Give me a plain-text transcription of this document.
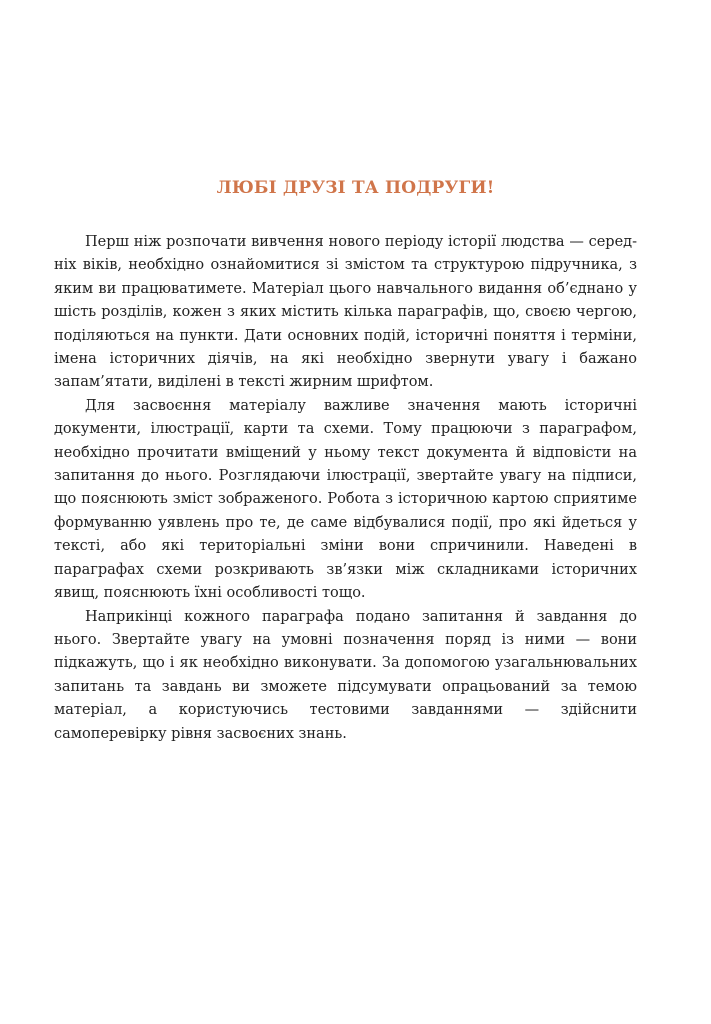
ЛЮБІ ДРУЗІ ТА ПОДРУГИ!

Перш ніж розпочати вивчення нового періоду історії людства — середніх віків, необхідно ознайомитися зі змістом та структурою підручника, з яким ви працюватимете. Матеріал цього навчального видання об’єднано у шість розділів, кожен з яких містить кілька параграфів, що, своєю чергою, поділяються на пункти. Дати основних подій, історичні поняття і терміни, імена історичних діячів, на які необхідно звернути увагу і бажано запам’ятати, виділені в тексті жирним шрифтом.

Для засвоєння матеріалу важливе значення мають історичні документи, ілюстрації, карти та схеми. Тому працюючи з параграфом, необхідно прочитати вміщений у ньому текст документа й відповісти на запитання до нього. Розглядаючи ілюстрації, звертайте увагу на підписи, що пояснюють зміст зображеного. Робота з історичною картою сприятиме формуванню уявлень про те, де саме відбувалися події, про які йдеться у тексті, або які територіальні зміни вони спричинили. Наведені в параграфах схеми розкривають зв’язки між складниками історичних явищ, пояснюють їхні особливості тощо.

Наприкінці кожного параграфа подано запитання й завдання до нього. Звертайте увагу на умовні позначення поряд із ними — вони підкажуть, що і як необхідно виконувати. За допомогою узагальнювальних запитань та завдань ви зможете підсумувати опрацьований за темою матеріал, а користуючись тестовими завданнями — здійснити самоперевірку рівня засвоєних знань.
